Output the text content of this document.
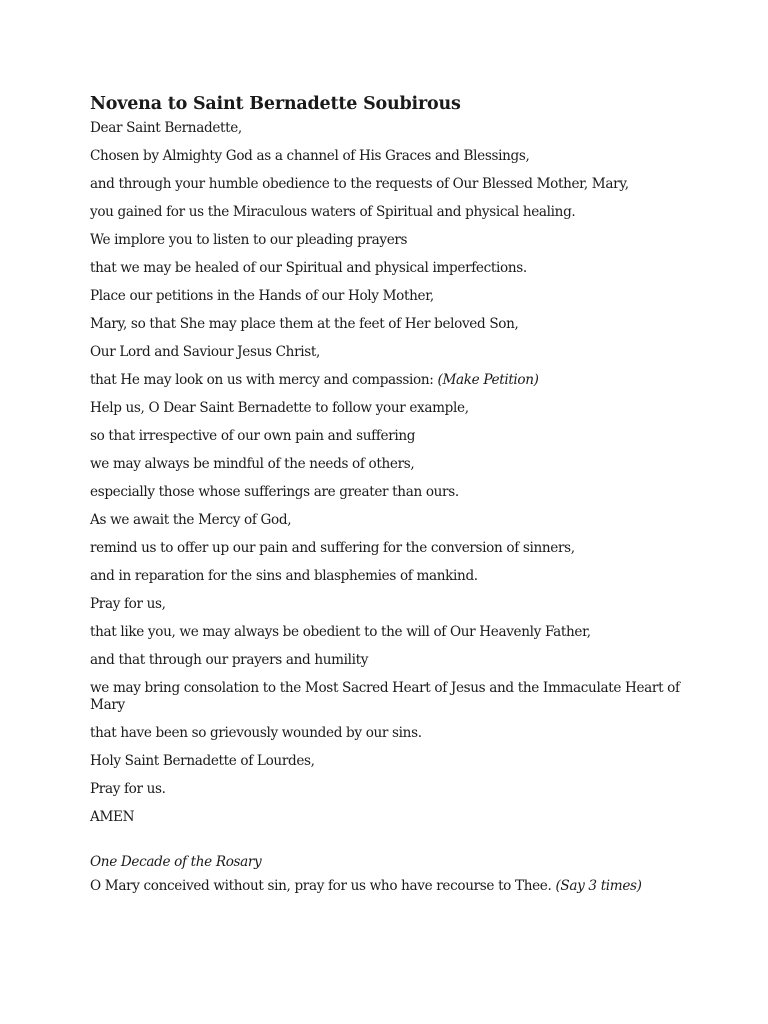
Novena to Saint Bernadette Soubirous
Dear Saint Bernadette,
Chosen by Almighty God as a channel of His Graces and Blessings,
and through your humble obedience to the requests of Our Blessed Mother, Mary,
you gained for us the Miraculous waters of Spiritual and physical healing.
We implore you to listen to our pleading prayers
that we may be healed of our Spiritual and physical imperfections.
Place our petitions in the Hands of our Holy Mother,
Mary, so that She may place them at the feet of Her beloved Son,
Our Lord and Saviour Jesus Christ,
that He may look on us with mercy and compassion: (Make Petition)
Help us, O Dear Saint Bernadette to follow your example,
so that irrespective of our own pain and suffering
we may always be mindful of the needs of others,
especially those whose sufferings are greater than ours.
As we await the Mercy of God,
remind us to offer up our pain and suffering for the conversion of sinners,
and in reparation for the sins and blasphemies of mankind.
Pray for us,
that like you, we may always be obedient to the will of Our Heavenly Father,
and that through our prayers and humility
we may bring consolation to the Most Sacred Heart of Jesus and the Immaculate Heart of Mary
that have been so grievously wounded by our sins.
Holy Saint Bernadette of Lourdes,
Pray for us.
AMEN
One Decade of the Rosary
O Mary conceived without sin, pray for us who have recourse to Thee. (Say 3 times)
